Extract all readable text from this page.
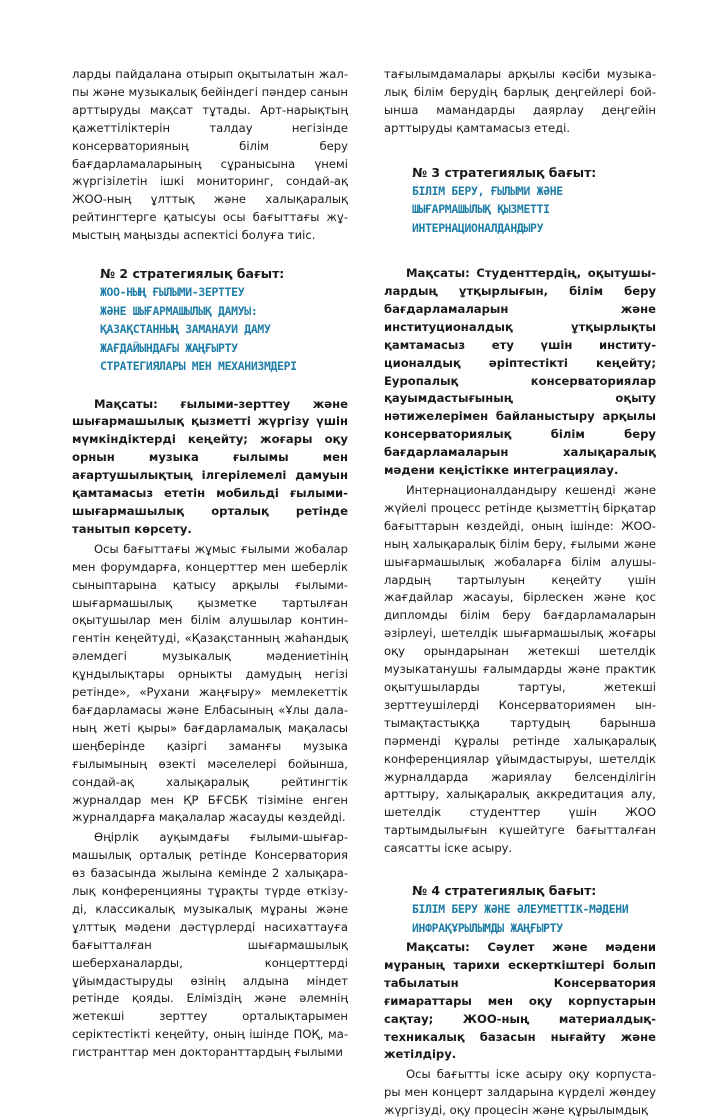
ларды пайдалана отырып оқытылатын жалпы және музыкалық бейіндегі пәндер санын арттыруды мақсат тұтады. Арт-нарықтың қажеттіліктерін талдау негізінде консерваторияның білім беру бағдарламаларының сұранысына үнемі жүргізілетін ішкі мониторинг, сондай-ақ ЖОО-ның ұлттық және халықаралық рейтингтерге қатысуы осы бағыттағы жұмыстың маңызды аспектісі болуға тиіс.

№ 2 стратегиялық бағыт:
ЖОО-НЫҢ ҒЫЛЫМИ-ЗЕРТТЕУ
ЖӘНЕ ШЫҒАРМАШЫЛЫҚ ДАМУЫ:
ҚАЗАҚСТАННЫҢ ЗАМАНАУИ ДАМУ
ЖАҒДАЙЫНДАҒЫ ЖАҢҒЫРТУ
СТРАТЕГИЯЛАРЫ МЕН МЕХАНИЗМДЕРІ

Мақсаты: ғылыми-зерттеу және шығармашылық қызметті жүргізу үшін мүмкіндіктерді кеңейту; жоғары оқу орнын музыка ғылымы мен ағартушылықтың ілгерілемелі дамуын қамтамасыз ететін мобильді ғылыми-шығармашылық орталық ретінде танытып көрсету.

Осы бағыттағы жұмыс ғылыми жобалар мен форумдарға, концерттер мен шеберлік сыныптарына қатысу арқылы ғылыми-шығармашылық қызметке тартылған оқытушылар мен білім алушылар контингентін кеңейтуді, «Қазақстанның жаһандық әлемдегі музыкалық мәдениетінің құндылықтары орныкты дамудың негізі ретінде», «Рухани жаңғыру» мемлекеттік бағдарламасы және Елбасының «Ұлы даланың жеті қыры» бағдарламалық мақаласы шеңберінде қазіргі заманғы музыка ғылымының өзекті мәселелері бойынша, сондай-ақ халықаралық рейтингтік журналдар мен ҚР БҒСБК тізіміне енген журналдарға мақалалар жасауды көздейді.

Өңірлік ауқымдағы ғылыми-шығармашылық орталық ретінде Консерватория өз базасында жылына кемінде 2 халықаралық конференцияны тұрақты түрде өткізуді, классикалық музыкалық мұраны және ұлттық мәдени дәстүрлерді насихаттауға бағытталған шығармашылық шеберханаларды, концерттерді ұйымдастыруды өзінің алдына міндет ретінде қояды. Еліміздің және әлемнің жетекші зерттеу орталықтарымен серіктестікті кеңейту, оның ішінде ПОҚ, магистранттар мен докторанттардың ғылыми

тағылымдамалары арқылы кәсіби музыкалық білім берудің барлық деңгейлері бойынша мамандарды даярлау деңгейін арттыруды қамтамасыз етеді.

№ 3 стратегиялық бағыт:
БІЛІМ БЕРУ, ҒЫЛЫМИ ЖӘНЕ
ШЫҒАРМАШЫЛЫҚ ҚЫЗМЕТТІ
ИНТЕРНАЦИОНАЛДАНДЫРУ

Мақсаты: Студенттердің, оқытушылардың ұтқырлығын, білім беру бағдарламаларын және институционалдық ұтқырлықты қамтамасыз ету үшін институционалдық әріптестікті кеңейту; Еуропалық консерваториялар қауымдастығының оқыту нәтижелерімен байланыстыру арқылы консерваториялық білім беру бағдарламаларын халықаралық мәдени кеңістікке интеграциялау.

Интернационалдандыру кешенді және жүйелі процесс ретінде қызметтің бірқатар бағыттарын көздейді, оның ішінде: ЖОО-ның халықаралық білім беру, ғылыми және шығармашылық жобаларға білім алушылардың тартылуын кеңейту үшін жағдайлар жасауы, бірлескен және қос дипломды білім беру бағдарламаларын әзірлеуі, шетелдік шығармашылық жоғары оқу орындарынан жетекші шетелдік музыкатанушы ғалымдарды және практик оқытушыларды тартуы, жетекші зерттеушілерді Консерваториямен ынтымақтастыққа тартудың барынша пәрменді құралы ретінде халықаралық конференциялар ұйымдастыруы, шетелдік журналдарда жариялау белсенділігін арттыру, халықаралық аккредитация алу, шетелдік студенттер үшін ЖОО тартымдылығын күшейтуге бағытталған саясатты іске асыру.

№ 4 стратегиялық бағыт:
БІЛІМ БЕРУ ЖӘНЕ ӘЛЕУМЕТТІК-МӘДЕНИ
ИНФРАҚҰРЫЛЫМДЫ ЖАҢҒЫРТУ

Мақсаты: Сәулет және мәдени мұраның тарихи ескерткіштері болып табылатын Консерватория ғимараттары мен оқу корпустарын сақтау; ЖОО-ның материалдық-техникалық базасын нығайту және жетілдіру.

Осы бағытты іске асыру оқу корпустары мен концерт залдарына күрделі жөндеу жүргізуді, оқу процесін және құрылымдық
